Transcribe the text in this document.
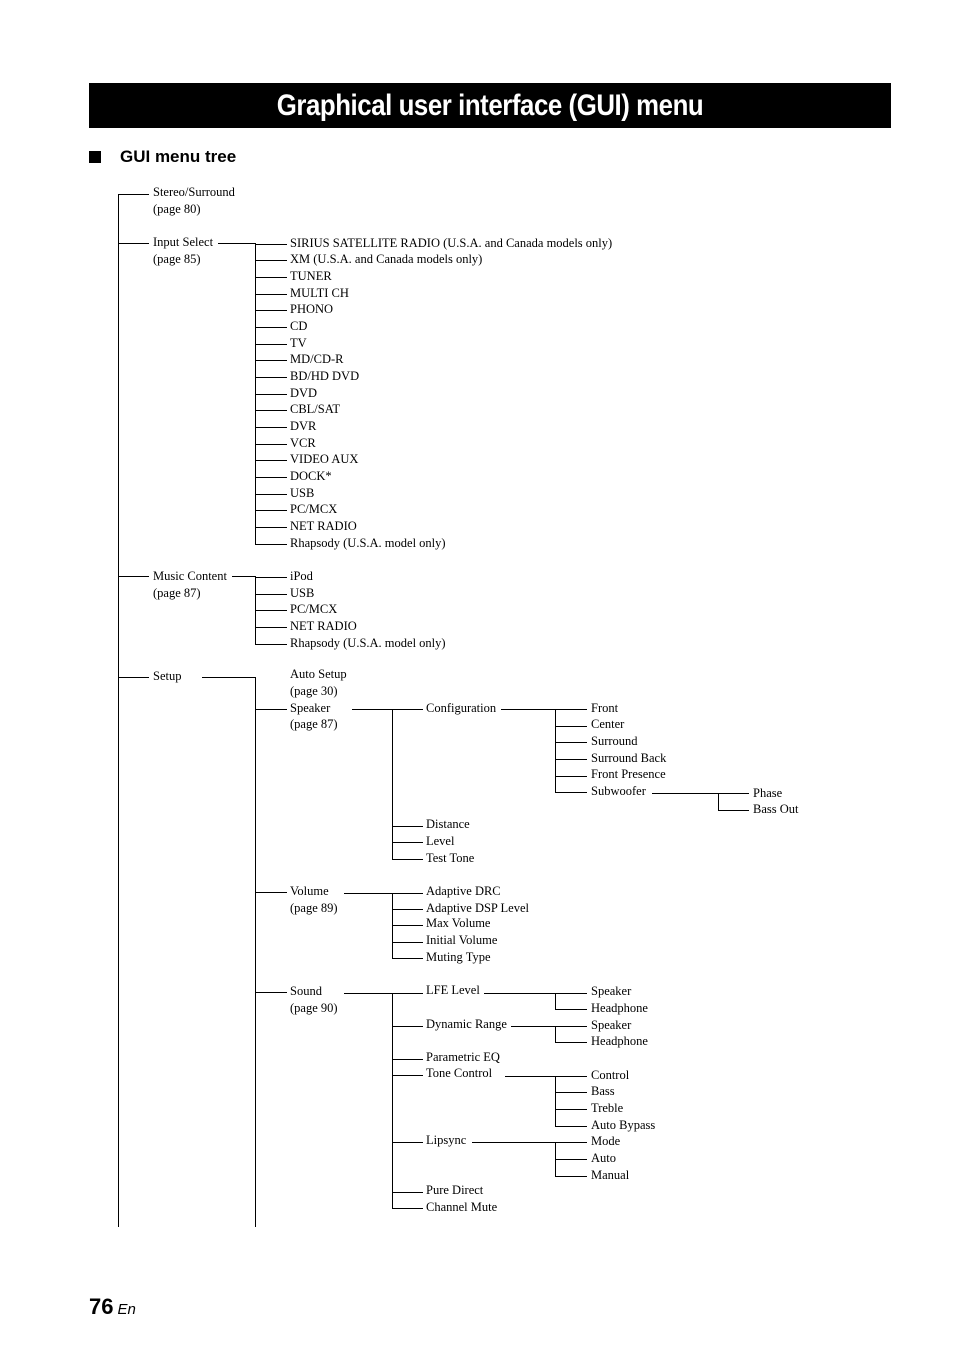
Graphical user interface (GUI) menu
GUI menu tree
Stereo/Surround
(page 80)
Input Select
(page 85)
Music Content
(page 87)
Setup
SIRIUS SATELLITE RADIO (U.S.A. and Canada models only)
XM (U.S.A. and Canada models only)
TUNER
MULTI CH
PHONO
CD
TV
MD/CD-R
BD/HD DVD
DVD
CBL/SAT
DVR
VCR
VIDEO AUX
DOCK*
USB
PC/MCX
NET RADIO
Rhapsody (U.S.A. model only)
iPod
USB
PC/MCX
NET RADIO
Rhapsody (U.S.A. model only)
Auto Setup
(page 30)
Speaker
(page 87)
Volume
(page 89)
Sound
(page 90)
Configuration	Front
Center
Surround
Surround Back
Front Presence
Subwoofer	Phase
Bass Out
Distance
Level
Test Tone
Adaptive DRC
Adaptive DSP Level
Max Volume
Initial Volume
Muting Type
LFE Level	Speaker
Headphone
Dynamic Range	Speaker
Headphone
Parametric EQ
Tone Control	Control
Bass
Treble
Auto Bypass
Lipsync	Mode
Auto
Manual
Pure Direct
Channel Mute
76 En
